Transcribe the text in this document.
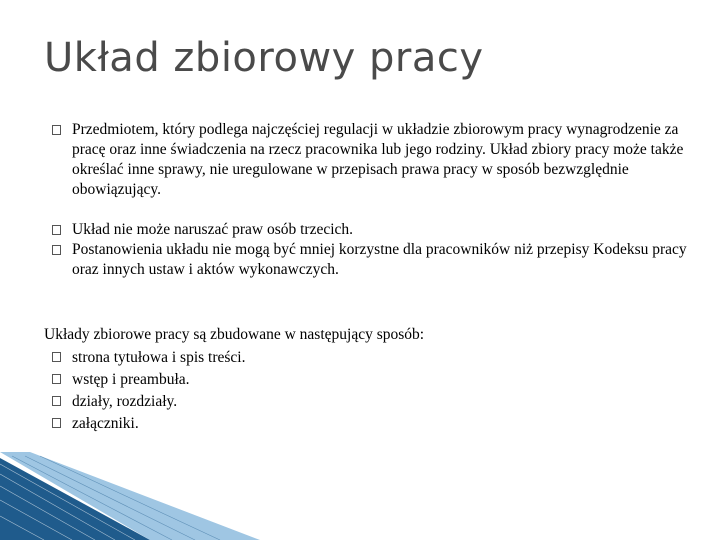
Układ zbiorowy pracy
Przedmiotem, który podlega najczęściej regulacji w układzie zbiorowym pracy wynagrodzenie za pracę oraz inne świadczenia na rzecz pracownika lub jego rodziny. Układ zbiory pracy może także określać inne sprawy, nie uregulowane w przepisach prawa pracy w sposób bezwzględnie obowiązujący.
Układ nie może naruszać praw osób trzecich.
Postanowienia układu nie mogą być mniej korzystne dla pracowników niż przepisy Kodeksu pracy oraz innych ustaw i aktów wykonawczych.

Układy zbiorowe pracy są zbudowane w następujący sposób:

strona tytułowa i spis treści.
wstęp i preambuła.
działy, rozdziały.
załączniki.
